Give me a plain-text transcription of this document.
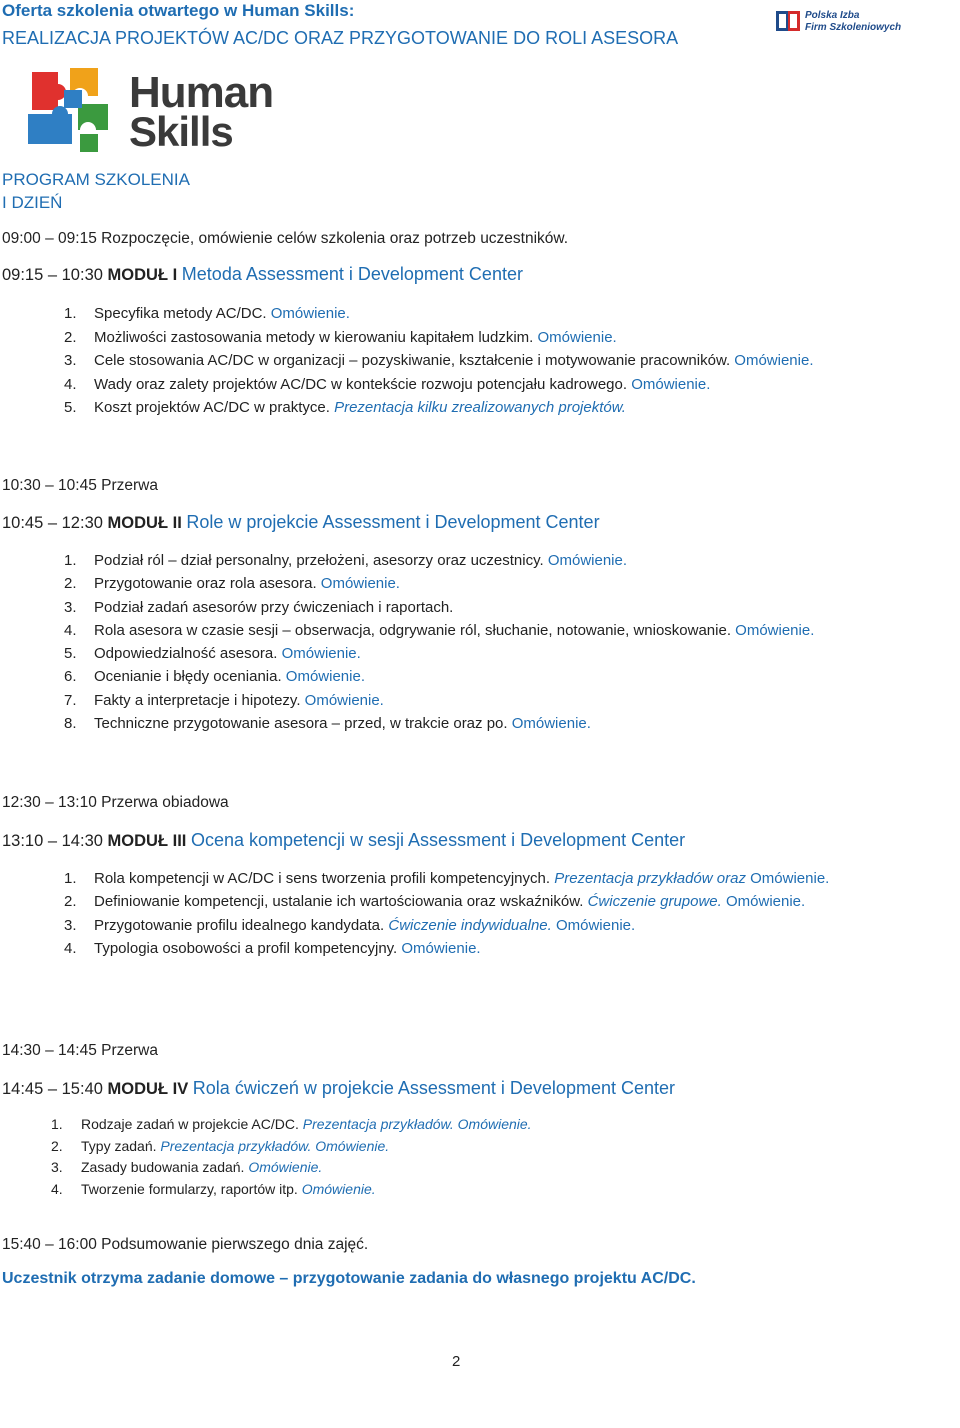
Oferta szkolenia otwartego w Human Skills:
REALIZACJA PROJEKTÓW AC/DC ORAZ PRZYGOTOWANIE DO ROLI ASESORA
Polska Izba
Firm Szkoleniowych
Human
Skills
PROGRAM SZKOLENIA
I DZIEŃ
09:00 – 09:15 Rozpoczęcie, omówienie celów szkolenia oraz potrzeb uczestników.
09:15 – 10:30 MODUŁ I Metoda Assessment i Development Center
1. Specyfika metody AC/DC. Omówienie.
2. Możliwości zastosowania metody w kierowaniu kapitałem ludzkim. Omówienie.
3. Cele stosowania AC/DC w organizacji – pozyskiwanie, kształcenie i motywowanie pracowników. Omówienie.
4. Wady oraz zalety projektów AC/DC w kontekście rozwoju potencjału kadrowego. Omówienie.
5. Koszt projektów AC/DC w praktyce. Prezentacja kilku zrealizowanych projektów.
10:30 – 10:45 Przerwa
10:45 – 12:30 MODUŁ II Role w projekcie Assessment i Development Center
1. Podział ról – dział personalny, przełożeni, asesorzy oraz uczestnicy. Omówienie.
2. Przygotowanie oraz rola asesora. Omówienie.
3. Podział zadań asesorów przy ćwiczeniach i raportach.
4. Rola asesora w czasie sesji – obserwacja, odgrywanie ról, słuchanie, notowanie, wnioskowanie. Omówienie.
5. Odpowiedzialność asesora. Omówienie.
6. Ocenianie i błędy oceniania. Omówienie.
7. Fakty a interpretacje i hipotezy. Omówienie.
8. Techniczne przygotowanie asesora – przed, w trakcie oraz po. Omówienie.
12:30 – 13:10 Przerwa obiadowa
13:10 – 14:30 MODUŁ III Ocena kompetencji w sesji Assessment i Development Center
1. Rola kompetencji w AC/DC i sens tworzenia profili kompetencyjnych. Prezentacja przykładów oraz Omówienie.
2. Definiowanie kompetencji, ustalanie ich wartościowania oraz wskaźników. Ćwiczenie grupowe. Omówienie.
3. Przygotowanie profilu idealnego kandydata. Ćwiczenie indywidualne. Omówienie.
4. Typologia osobowości a profil kompetencyjny. Omówienie.
14:30 – 14:45 Przerwa
14:45 – 15:40 MODUŁ IV Rola ćwiczeń w projekcie Assessment i Development Center
1. Rodzaje zadań w projekcie AC/DC. Prezentacja przykładów. Omówienie.
2. Typy zadań. Prezentacja przykładów. Omówienie.
3. Zasady budowania zadań. Omówienie.
4. Tworzenie formularzy, raportów itp. Omówienie.
15:40 – 16:00 Podsumowanie pierwszego dnia zajęć.
Uczestnik otrzyma zadanie domowe – przygotowanie zadania do własnego projektu AC/DC.
2
